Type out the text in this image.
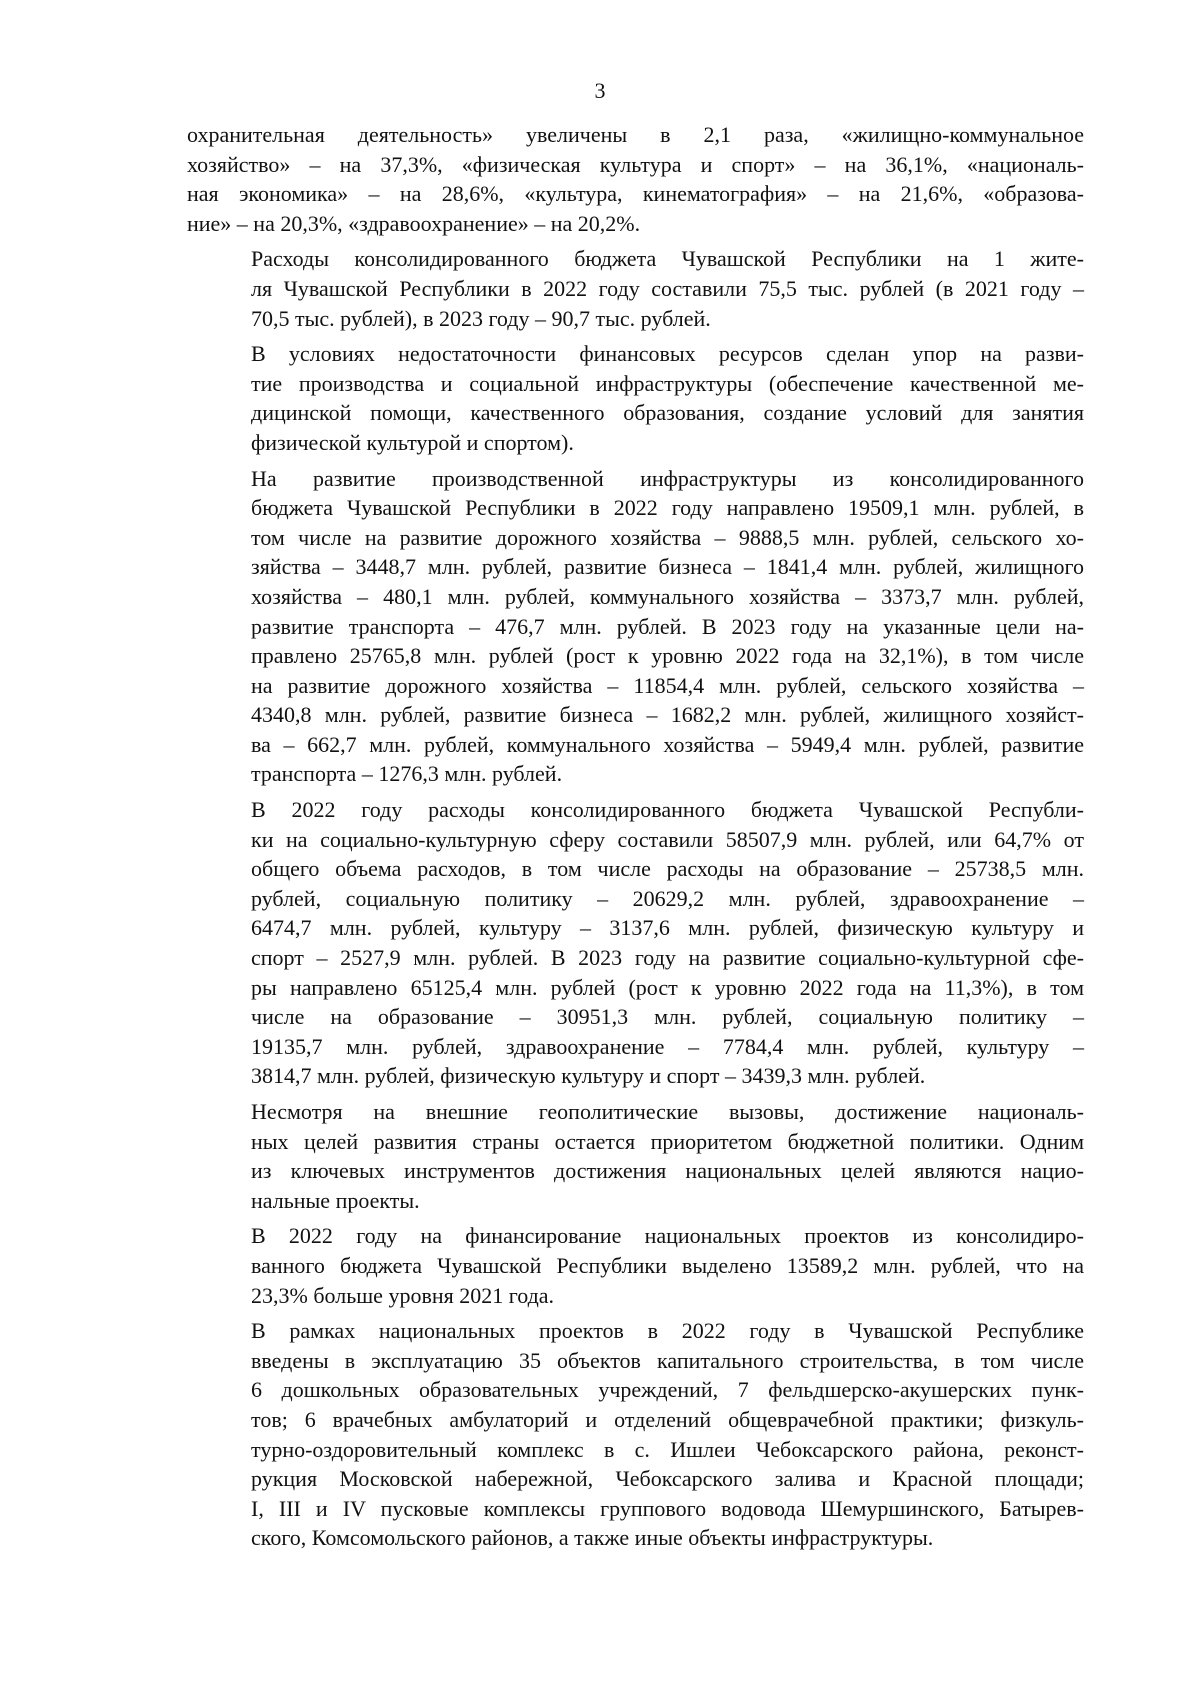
3

охранительная деятельность» увеличены в 2,1 раза, «жилищно-коммунальное
хозяйство» – на 37,3%, «физическая культура и спорт» – на 36,1%, «националь-
ная экономика» – на 28,6%, «культура, кинематография» – на 21,6%, «образова-
ние» – на 20,3%, «здравоохранение» – на 20,2%.

Расходы консолидированного бюджета Чувашской Республики на 1 жите-
ля Чувашской Республики в 2022 году составили 75,5 тыс. рублей (в 2021 году –
70,5 тыс. рублей), в 2023 году – 90,7 тыс. рублей.

В условиях недостаточности финансовых ресурсов сделан упор на разви-
тие производства и социальной инфраструктуры (обеспечение качественной ме-
дицинской помощи, качественного образования, создание условий для занятия
физической культурой и спортом).

На развитие производственной инфраструктуры из консолидированного
бюджета Чувашской Республики в 2022 году направлено 19509,1 млн. рублей, в
том числе на развитие дорожного хозяйства – 9888,5 млн. рублей, сельского хо-
зяйства – 3448,7 млн. рублей, развитие бизнеса – 1841,4 млн. рублей, жилищного
хозяйства – 480,1 млн. рублей, коммунального хозяйства – 3373,7 млн. рублей,
развитие транспорта – 476,7 млн. рублей. В 2023 году на указанные цели на-
правлено 25765,8 млн. рублей (рост к уровню 2022 года на 32,1%), в том числе
на развитие дорожного хозяйства – 11854,4 млн. рублей, сельского хозяйства –
4340,8 млн. рублей, развитие бизнеса – 1682,2 млн. рублей, жилищного хозяйст-
ва – 662,7 млн. рублей, коммунального хозяйства – 5949,4 млн. рублей, развитие
транспорта – 1276,3 млн. рублей.

В 2022 году расходы консолидированного бюджета Чувашской Республи-
ки на социально-культурную сферу составили 58507,9 млн. рублей, или 64,7% от
общего объема расходов, в том числе расходы на образование – 25738,5 млн.
рублей, социальную политику – 20629,2 млн. рублей, здравоохранение –
6474,7 млн. рублей, культуру – 3137,6 млн. рублей, физическую культуру и
спорт – 2527,9 млн. рублей. В 2023 году на развитие социально-культурной сфе-
ры направлено 65125,4 млн. рублей (рост к уровню 2022 года на 11,3%), в том
числе на образование – 30951,3 млн. рублей, социальную политику –
19135,7 млн. рублей, здравоохранение – 7784,4 млн. рублей, культуру –
3814,7 млн. рублей, физическую культуру и спорт – 3439,3 млн. рублей.

Несмотря на внешние геополитические вызовы, достижение националь-
ных целей развития страны остается приоритетом бюджетной политики. Одним
из ключевых инструментов достижения национальных целей являются нацио-
нальные проекты.

В 2022 году на финансирование национальных проектов из консолидиро-
ванного бюджета Чувашской Республики выделено 13589,2 млн. рублей, что на
23,3% больше уровня 2021 года.

В рамках национальных проектов в 2022 году в Чувашской Республике
введены в эксплуатацию 35 объектов капитального строительства, в том числе
6 дошкольных образовательных учреждений, 7 фельдшерско-акушерских пунк-
тов; 6 врачебных амбулаторий и отделений общеврачебной практики; физкуль-
турно-оздоровительный комплекс в с. Ишлеи Чебоксарского района, реконст-
рукция Московской набережной, Чебоксарского залива и Красной площади;
I, III и IV пусковые комплексы группового водовода Шемуршинского, Батырев-
ского, Комсомольского районов, а также иные объекты инфраструктуры.
